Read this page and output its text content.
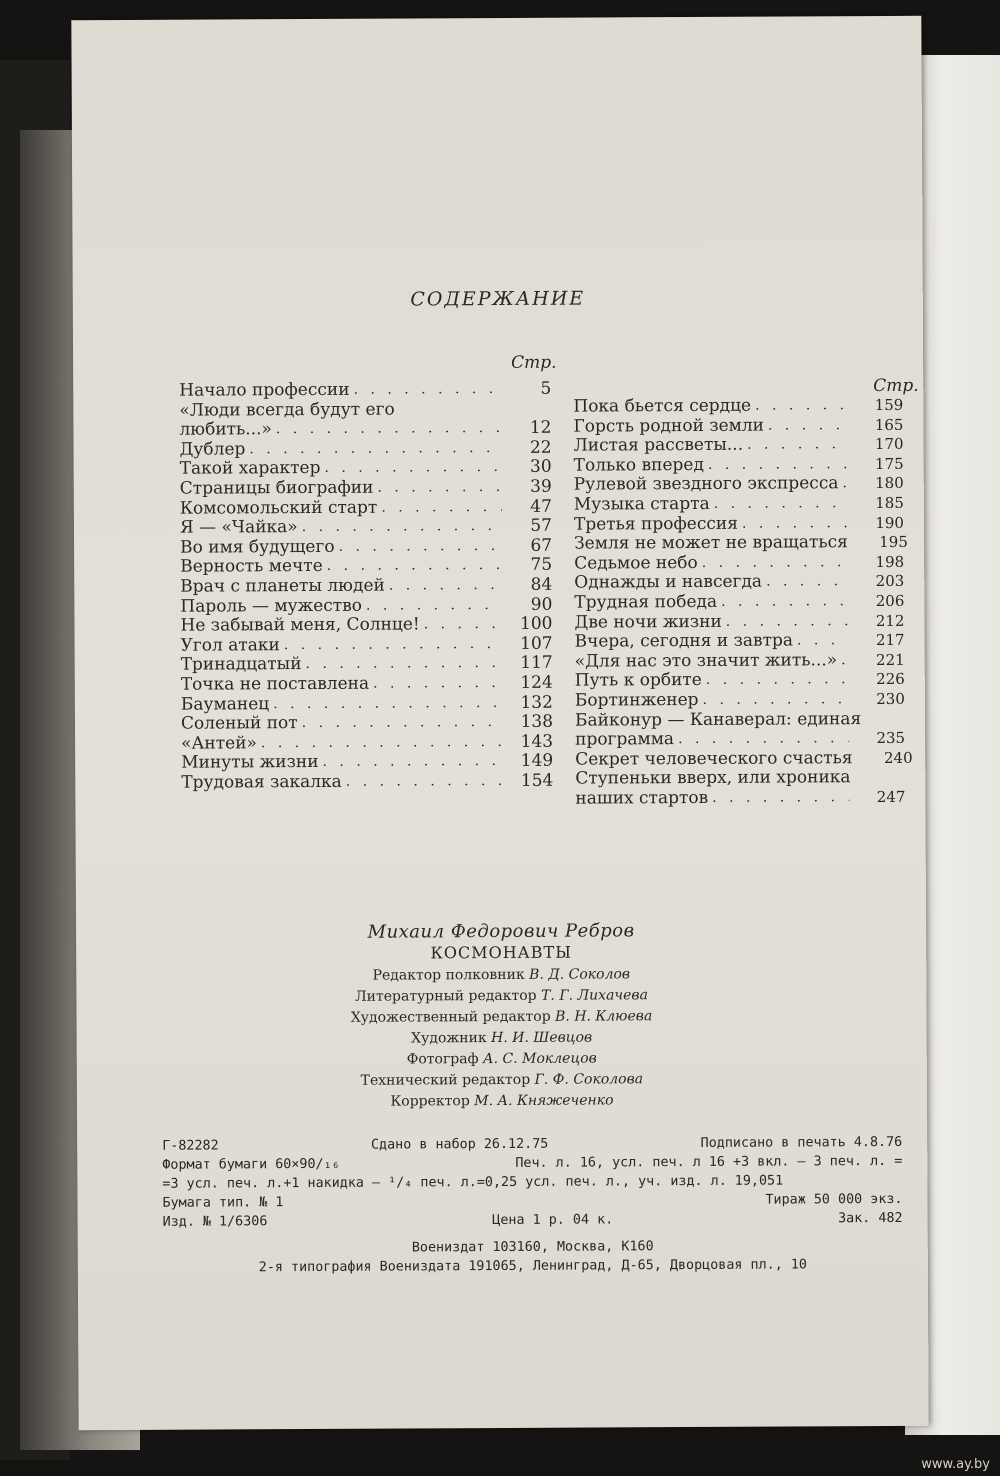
СОДЕРЖАНИЕ
Стр.
Стр.
Начало профессии . . .	5
«Люди всегда будут его
любить...» . . .	12
Дублер . . .	22
Такой характер . . .	30
Страницы биографии . . .	39
Комсомольский старт . . .	47
Я — «Чайка» . . .	57
Во имя будущего . . .	67
Верность мечте . . .	75
Врач с планеты людей . . .	84
Пароль — мужество . . .	90
Не забывай меня, Солнце! . . .	100
Угол атаки . . .	107
Тринадцатый . . .	117
Точка не поставлена . . .	124
Бауманец . . .	132
Соленый пот . . .	138
«Антей» . . .	143
Минуты жизни . . .	149
Трудовая закалка . . .	154
Пока бьется сердце . . .	159
Горсть родной земли . . .	165
Листая рассветы... . . .	170
Только вперед . . .	175
Рулевой звездного экспресса . . .	180
Музыка старта . . .	185
Третья профессия . . .	190
Земля не может не вращаться . . .	195
Седьмое небо . . .	198
Однажды и навсегда . . .	203
Трудная победа . . .	206
Две ночи жизни . . .	212
Вчера, сегодня и завтра . . .	217
«Для нас это значит жить...» . . .	221
Путь к орбите . . .	226
Бортинженер . . .	230
Байконур — Канаверал: единая
программа . . .	235
Секрет человеческого счастья . . .	240
Ступеньки вверх, или хроника
наших стартов . . .	247
Михаил Федорович Ребров
КОСМОНАВТЫ
Редактор полковник В. Д. Соколов
Литературный редактор Т. Г. Лихачева
Художественный редактор В. Н. Клюева
Художник Н. И. Шевцов
Фотограф А. С. Моклецов
Технический редактор Г. Ф. Соколова
Корректор М. А. Княжеченко
Г-82282	Сдано в набор 26.12.75	Подписано в печать 4.8.76
Формат бумаги 60×90/₁₆	Печ. л. 16, усл. печ. л 16 +3 вкл. — 3 печ. л. =
=3 усл. печ. л.+1 накидка — ¹/₄ печ. л.=0,25 усл. печ. л., уч. изд. л. 19,051
Бумага тип. № 1	Тираж 50 000 экз.
Изд. № 1/6306	Цена 1 р. 04 к.	Зак. 482
Воениздат 103160, Москва, К160
2-я типография Воениздата 191065, Ленинград, Д-65, Дворцовая пл., 10
www.ay.by
